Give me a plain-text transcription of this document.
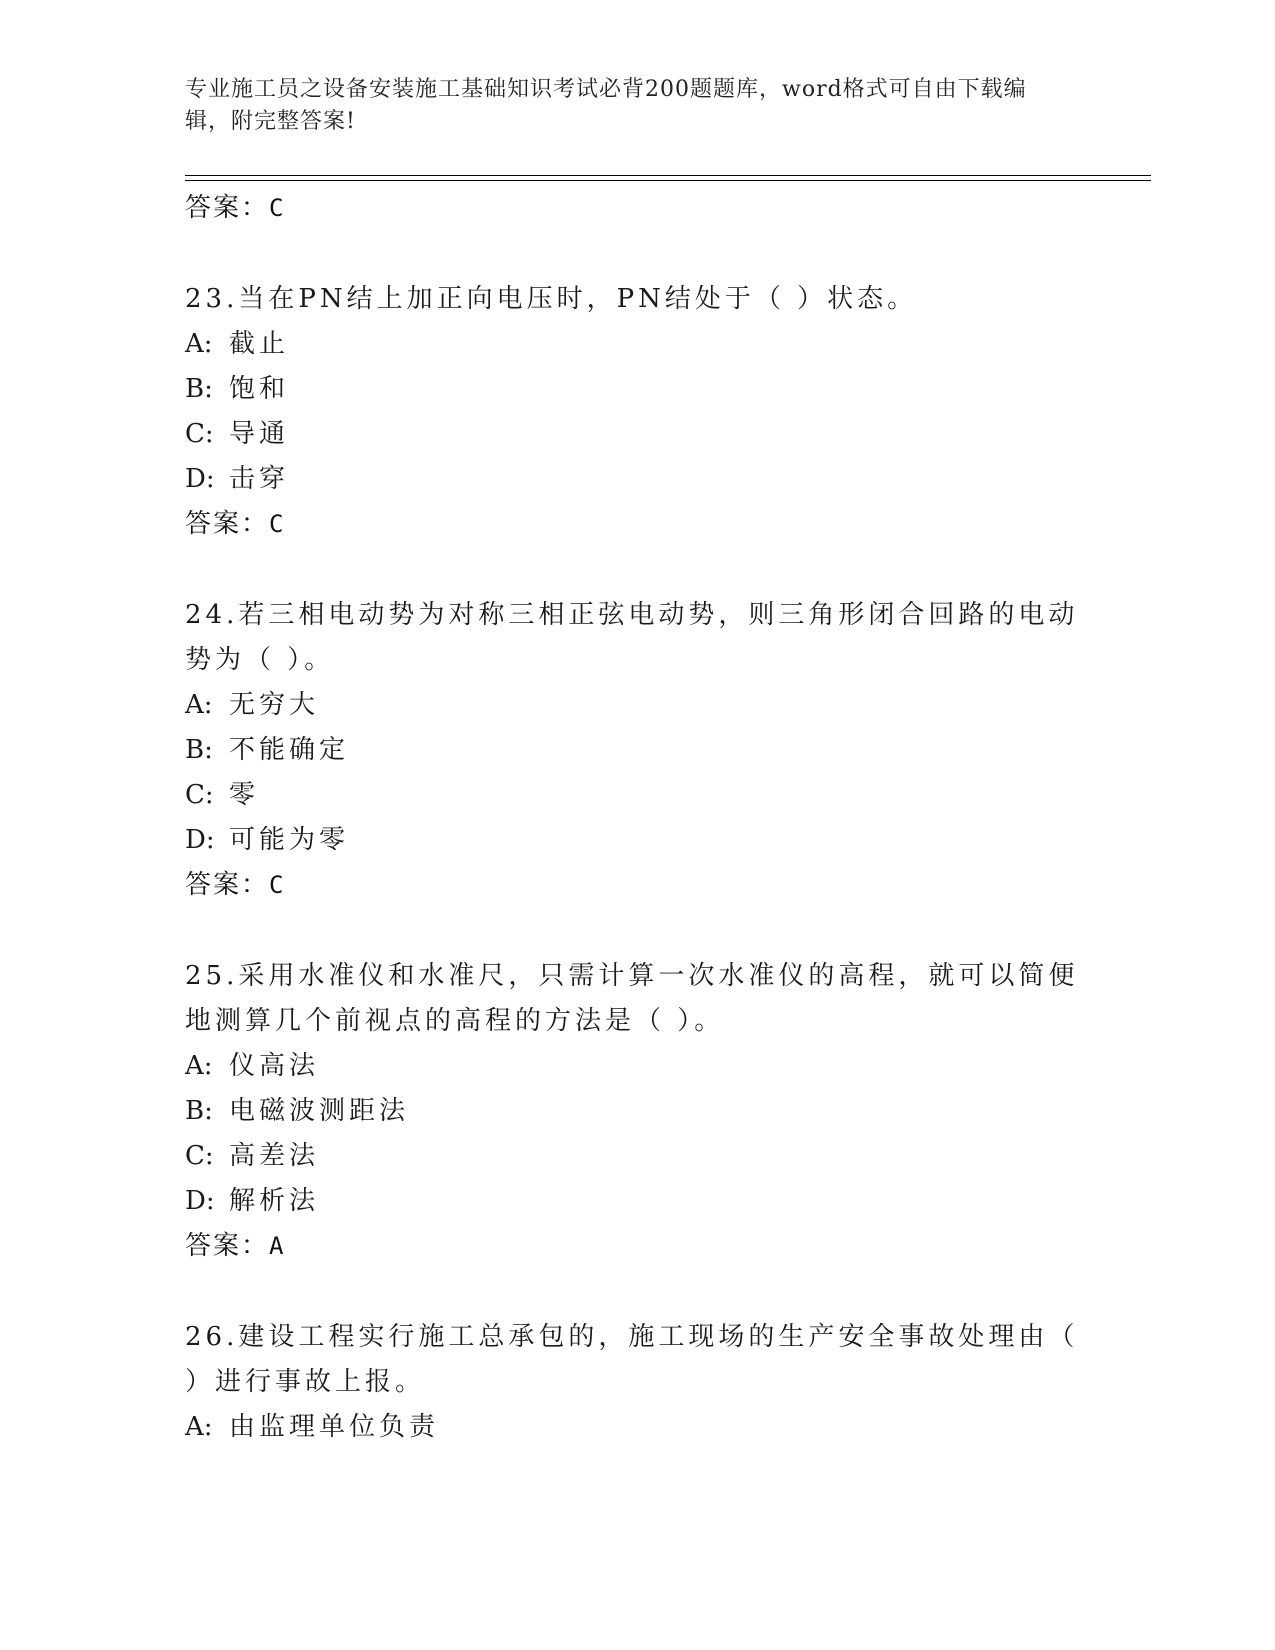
专业施工员之设备安装施工基础知识考试必背200题题库，word格式可自由下载编辑，附完整答案!
答案：C
23.当在PN结上加正向电压时，PN结处于（ ）状态。
A: 截止
B: 饱和
C: 导通
D: 击穿
答案：C
24.若三相电动势为对称三相正弦电动势，则三角形闭合回路的电动势为（ ）。
A: 无穷大
B: 不能确定
C: 零
D: 可能为零
答案：C
25.采用水准仪和水准尺，只需计算一次水准仪的高程，就可以简便地测算几个前视点的高程的方法是（ ）。
A: 仪高法
B: 电磁波测距法
C: 高差法
D: 解析法
答案：A
26.建设工程实行施工总承包的，施工现场的生产安全事故处理由（ ）进行事故上报。
A: 由监理单位负责
